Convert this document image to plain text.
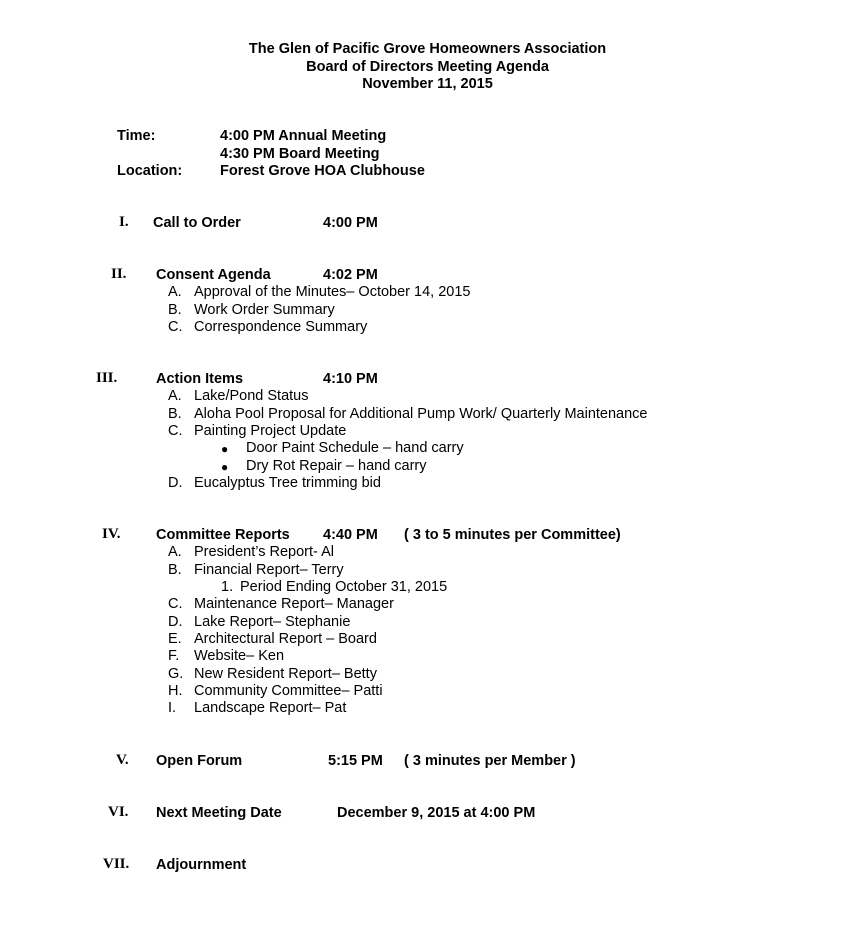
The Glen of Pacific Grove Homeowners Association
Board of Directors Meeting Agenda
November 11, 2015
Time:	4:00 PM Annual Meeting
4:30 PM Board Meeting
Location:	Forest Grove HOA Clubhouse
I. Call to Order	4:00 PM
II. Consent Agenda	4:02 PM
A. Approval of the Minutes– October 14, 2015
B. Work Order Summary
C. Correspondence Summary
III.	Action Items	4:10 PM
A. Lake/Pond Status
B. Aloha Pool Proposal for Additional Pump Work/ Quarterly Maintenance
C. Painting Project Update
● Door Paint Schedule – hand carry
● Dry Rot Repair – hand carry
D. Eucalyptus Tree trimming bid
IV. Committee Reports 4:40 PM ( 3 to 5 minutes per Committee)
A. President’s Report- Al
B. Financial Report– Terry
1. Period Ending October 31, 2015
C. Maintenance Report– Manager
D. Lake Report– Stephanie
E. Architectural Report – Board
F. Website– Ken
G. New Resident Report– Betty
H. Community Committee– Patti
I. Landscape Report– Pat
V. Open Forum	5:15 PM ( 3 minutes per Member )
VI. Next Meeting Date	December 9, 2015 at 4:00 PM
VII. Adjournment
